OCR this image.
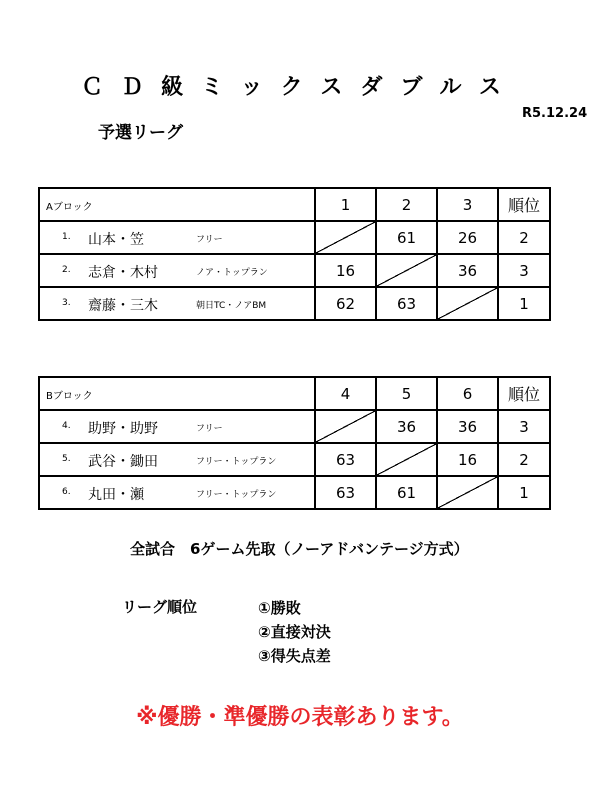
ＣＤ級ミックスダブルス
R5.12.24
予選リーグ
Aブロック	1	2	3	順位

1. 山本・笠 フリー		61	26	2

2. 志倉・木村 ノア・トップラン	16		36	3

3. 齋藤・三木 朝日TC・ノアBM	62	63		1
Bブロック	4	5	6	順位

4. 助野・助野 フリー		36	36	3

5. 武谷・鋤田 フリー・トップラン	63		16	2

6. 丸田・瀬 フリー・トップラン	63	61		1
全試合　6ゲーム先取（ノーアドバンテージ方式）
リーグ順位	①勝敗
②直接対決
③得失点差
※優勝・準優勝の表彰あります。
